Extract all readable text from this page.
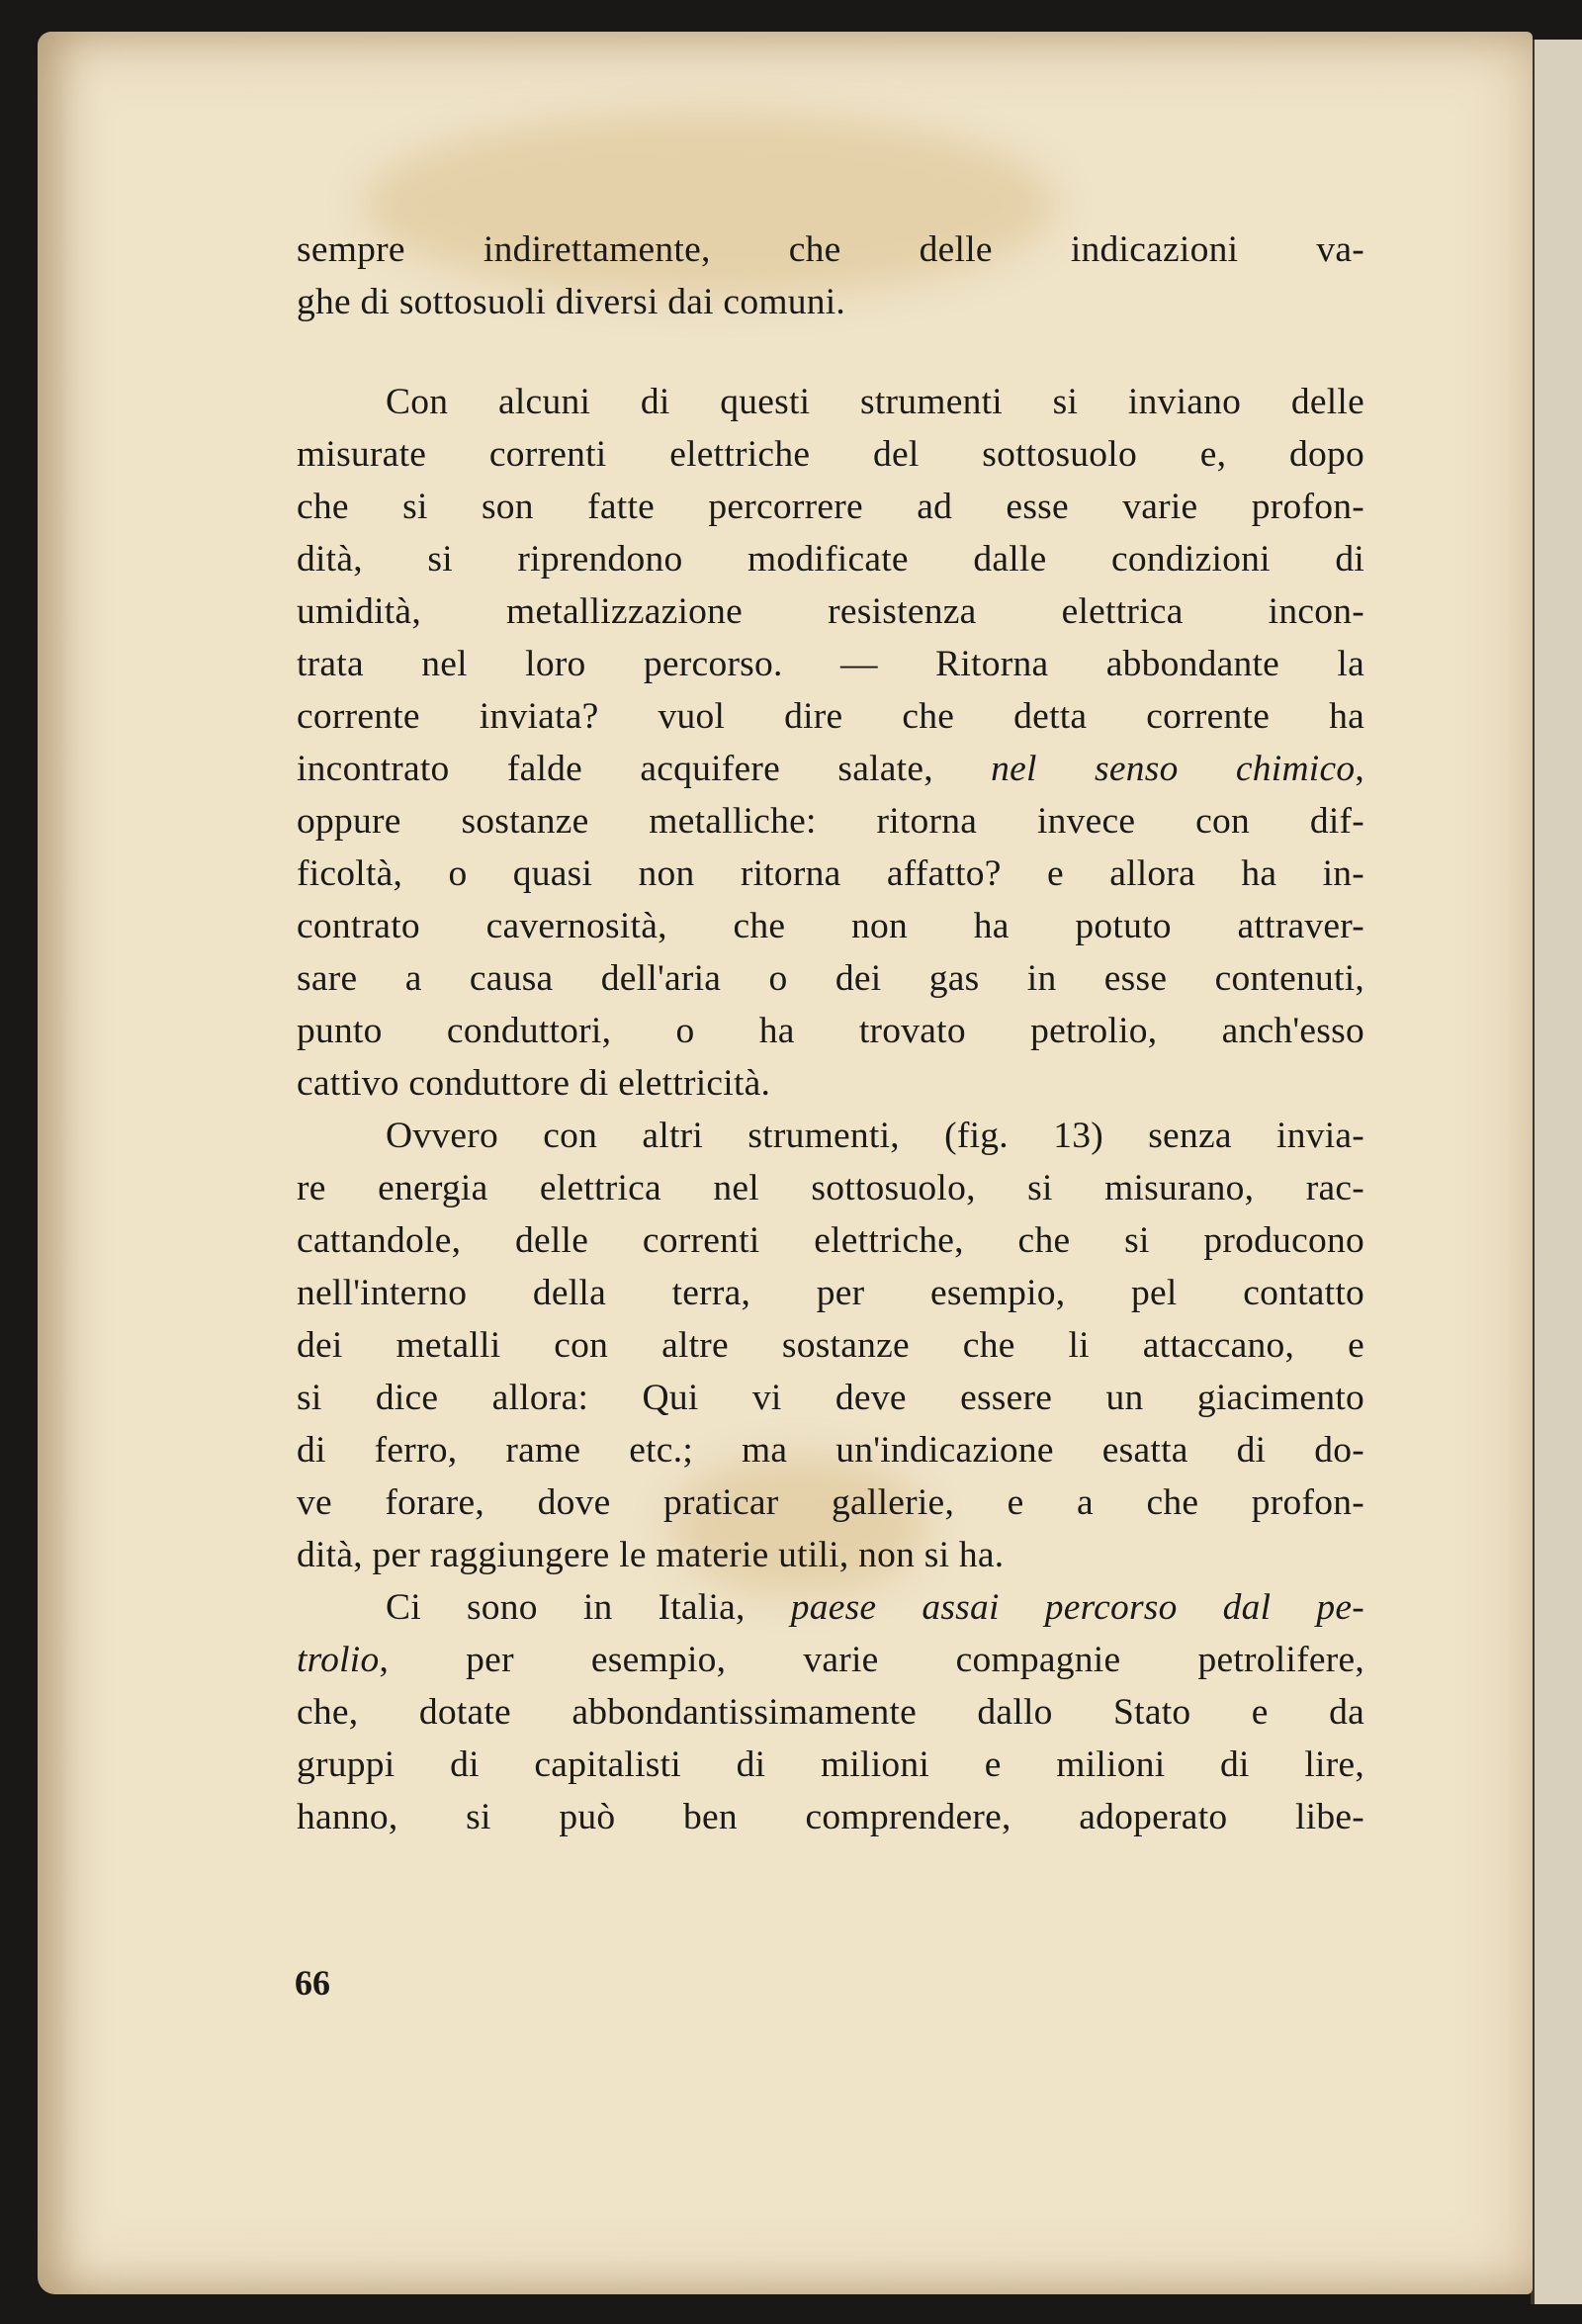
sempre indirettamente, che delle indicazioni va-
ghe di sottosuoli diversi dai comuni.
Con alcuni di questi strumenti si inviano delle
misurate correnti elettriche del sottosuolo e, dopo
che si son fatte percorrere ad esse varie profon-
dità, si riprendono modificate dalle condizioni di
umidità, metallizzazione resistenza elettrica incon-
trata nel loro percorso. — Ritorna abbondante la
corrente inviata? vuol dire che detta corrente ha
incontrato falde acquifere salate, nel senso chimico,
oppure sostanze metalliche: ritorna invece con dif-
ficoltà, o quasi non ritorna affatto? e allora ha in-
contrato cavernosità, che non ha potuto attraver-
sare a causa dell'aria o dei gas in esse contenuti,
punto conduttori, o ha trovato petrolio, anch'esso
cattivo conduttore di elettricità.
Ovvero con altri strumenti, (fig. 13) senza invia-
re energia elettrica nel sottosuolo, si misurano, rac-
cattandole, delle correnti elettriche, che si producono
nell'interno della terra, per esempio, pel contatto
dei metalli con altre sostanze che li attaccano, e
si dice allora: Qui vi deve essere un giacimento
di ferro, rame etc.; ma un'indicazione esatta di do-
ve forare, dove praticar gallerie, e a che profon-
dità, per raggiungere le materie utili, non si ha.
Ci sono in Italia, paese assai percorso dal pe-
trolio, per esempio, varie compagnie petrolifere,
che, dotate abbondantissimamente dallo Stato e da
gruppi di capitalisti di milioni e milioni di lire,
hanno, si può ben comprendere, adoperato libe-
66
